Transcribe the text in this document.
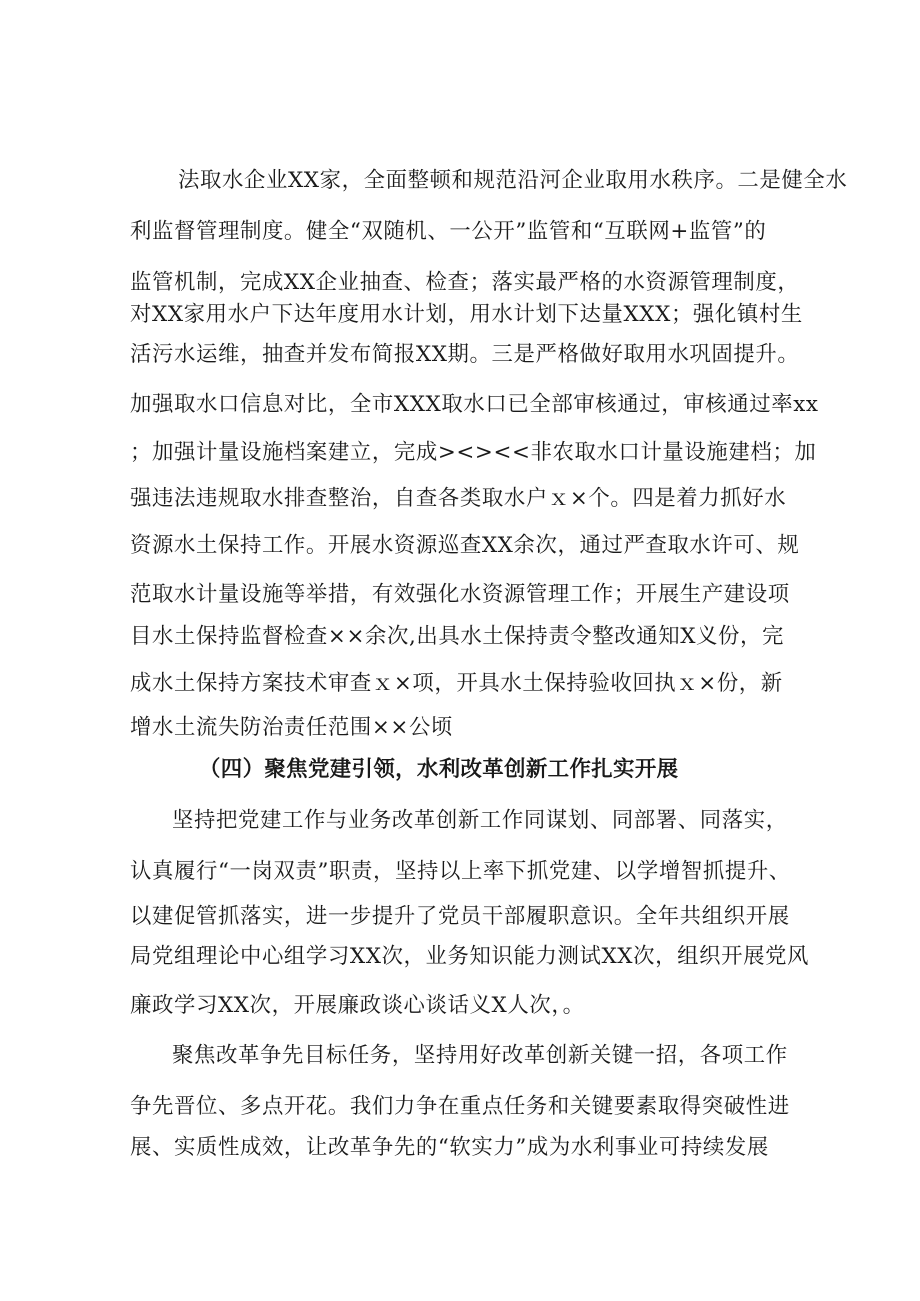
法取水企业XX家，全面整顿和规范沿河企业取用水秩序。二是健全水
利监督管理制度。健全“双随机、一公开”监管和“互联网+监管”的
监管机制，完成XX企业抽查、检查；落实最严格的水资源管理制度，
对XX家用水户下达年度用水计划，用水计划下达量XXX；强化镇村生
活污水运维，抽查并发布简报XX期。三是严格做好取用水巩固提升。
加强取水口信息对比，全市XXX取水口已全部审核通过，审核通过率xx
；加强计量设施档案建立，完成><><<非农取水口计量设施建档；加
强违法违规取水排查整治，自查各类取水户ｘ×个。四是着力抓好水
资源水土保持工作。开展水资源巡查XX余次，通过严查取水许可、规
范取水计量设施等举措，有效强化水资源管理工作；开展生产建设项
目水土保持监督检查××余次,出具水土保持责令整改通知X义份，完
成水土保持方案技术审查ｘ×项，开具水土保持验收回执ｘ×份，新
增水土流失防治责任范围××公顷
（四）聚焦党建引领，水利改革创新工作扎实开展
坚持把党建工作与业务改革创新工作同谋划、同部署、同落实，
认真履行“一岗双责”职责，坚持以上率下抓党建、以学增智抓提升、
以建促管抓落实，进一步提升了党员干部履职意识。全年共组织开展
局党组理论中心组学习XX次，业务知识能力测试XX次，组织开展党风
廉政学习XX次，开展廉政谈心谈话义X人次，。
聚焦改革争先目标任务，坚持用好改革创新关键一招，各项工作
争先晋位、多点开花。我们力争在重点任务和关键要素取得突破性进
展、实质性成效，让改革争先的“软实力”成为水利事业可持续发展
